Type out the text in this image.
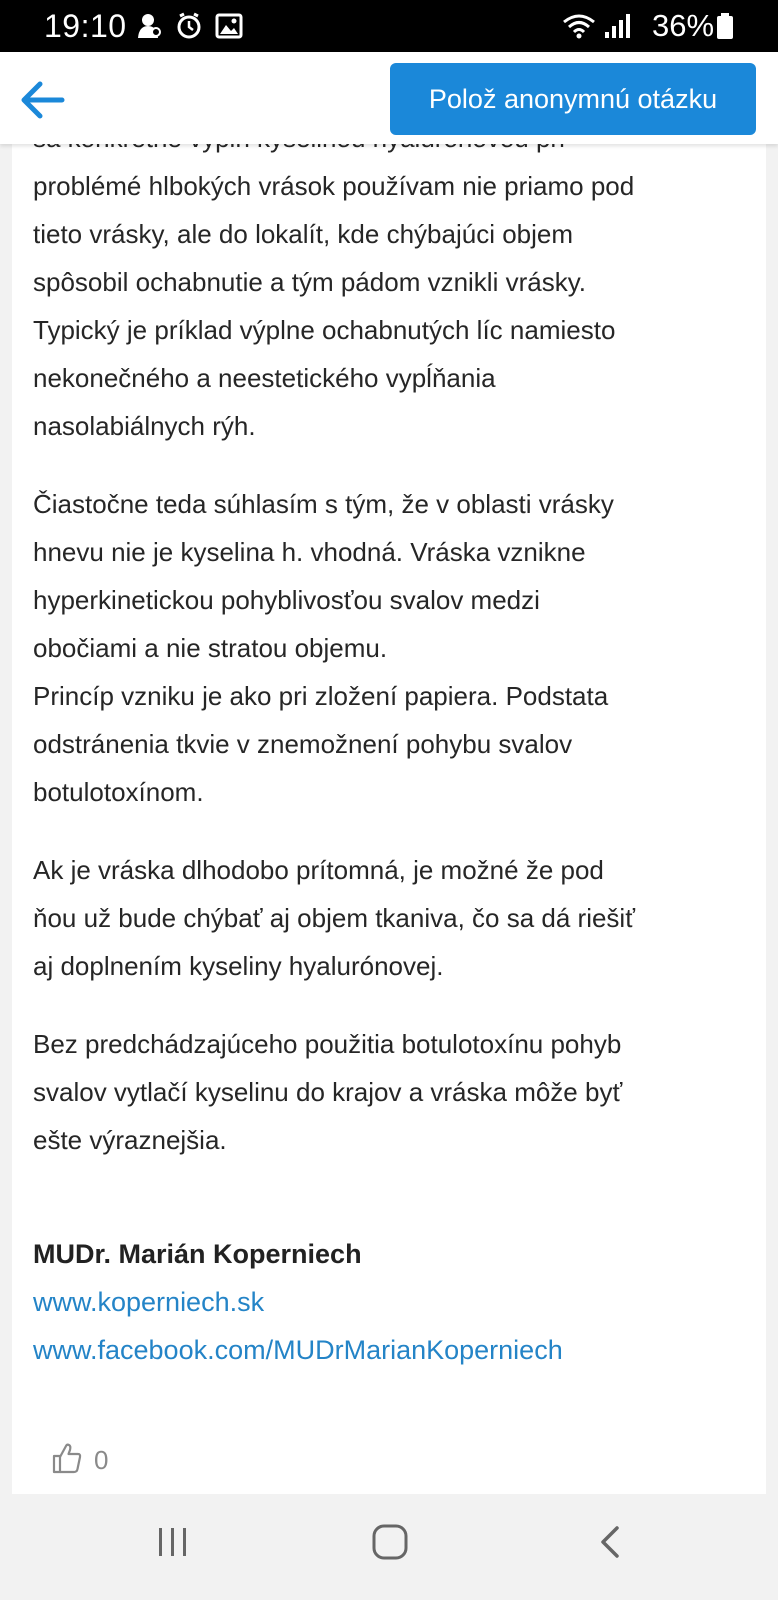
19:10	36%
Polož anonymnú otázku

problémé hlbokých vrások používam nie priamo pod
tieto vrásky, ale do lokalít, kde chýbajúci objem
spôsobil ochabnutie a tým pádom vznikli vrásky.
Typický je príklad výplne ochabnutých líc namiesto
nekonečného a neestetického vypĺňania
nasolabiálnych rýh.

Čiastočne teda súhlasím s tým, že v oblasti vrásky
hnevu nie je kyselina h. vhodná. Vráska vznikne
hyperkinetickou pohyblivosťou svalov medzi
obočiami a nie stratou objemu.
Princíp vzniku je ako pri zložení papiera. Podstata
odstránenia tkvie v znemožnení pohybu svalov
botulotoxínom.

Ak je vráska dlhodobo prítomná, je možné že pod
ňou už bude chýbať aj objem tkaniva, čo sa dá riešiť
aj doplnením kyseliny hyalurónovej.

Bez predchádzajúceho použitia botulotoxínu pohyb
svalov vytlačí kyselinu do krajov a vráska môže byť
ešte výraznejšia.

MUDr. Marián Koperniech
www.koperniech.sk
www.facebook.com/MUDrMarianKoperniech
0
